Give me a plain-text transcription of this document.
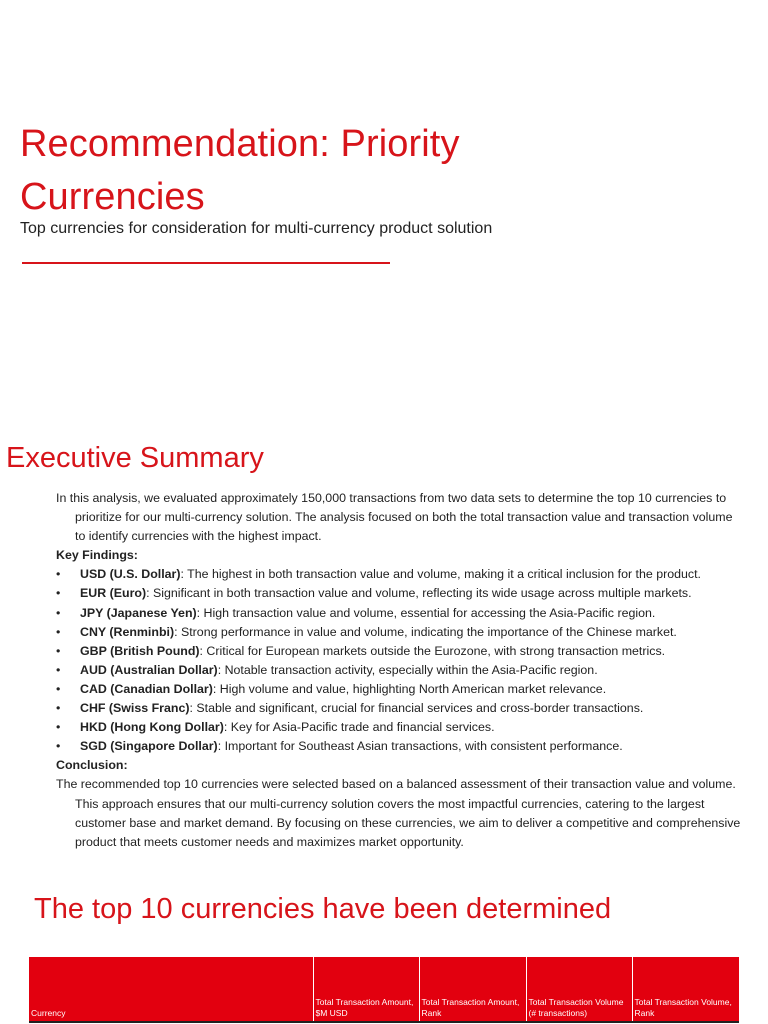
Recommendation: Priority Currencies

Top currencies for consideration for multi-currency product solution

Executive Summary

In this analysis, we evaluated approximately 150,000 transactions from two data sets to determine the top 10 currencies to prioritize for our multi-currency solution. The analysis focused on both the total transaction value and transaction volume to identify currencies with the highest impact.

Key Findings:

• USD (U.S. Dollar): The highest in both transaction value and volume, making it a critical inclusion for the product.
• EUR (Euro): Significant in both transaction value and volume, reflecting its wide usage across multiple markets.
• JPY (Japanese Yen): High transaction value and volume, essential for accessing the Asia-Pacific region.
• CNY (Renminbi): Strong performance in value and volume, indicating the importance of the Chinese market.
• GBP (British Pound): Critical for European markets outside the Eurozone, with strong transaction metrics.
• AUD (Australian Dollar): Notable transaction activity, especially within the Asia-Pacific region.
• CAD (Canadian Dollar): High volume and value, highlighting North American market relevance.
• CHF (Swiss Franc): Stable and significant, crucial for financial services and cross-border transactions.
• HKD (Hong Kong Dollar): Key for Asia-Pacific trade and financial services.
• SGD (Singapore Dollar): Important for Southeast Asian transactions, with consistent performance.

Conclusion:

The recommended top 10 currencies were selected based on a balanced assessment of their transaction value and volume. This approach ensures that our multi-currency solution covers the most impactful currencies, catering to the largest customer base and market demand. By focusing on these currencies, we aim to deliver a competitive and comprehensive product that meets customer needs and maximizes market opportunity.

The top 10 currencies have been determined
Currency	Total Transaction Amount, $M USD	Total Transaction Amount, Rank	Total Transaction Volume (# transactions)	Total Transaction Volume, Rank
